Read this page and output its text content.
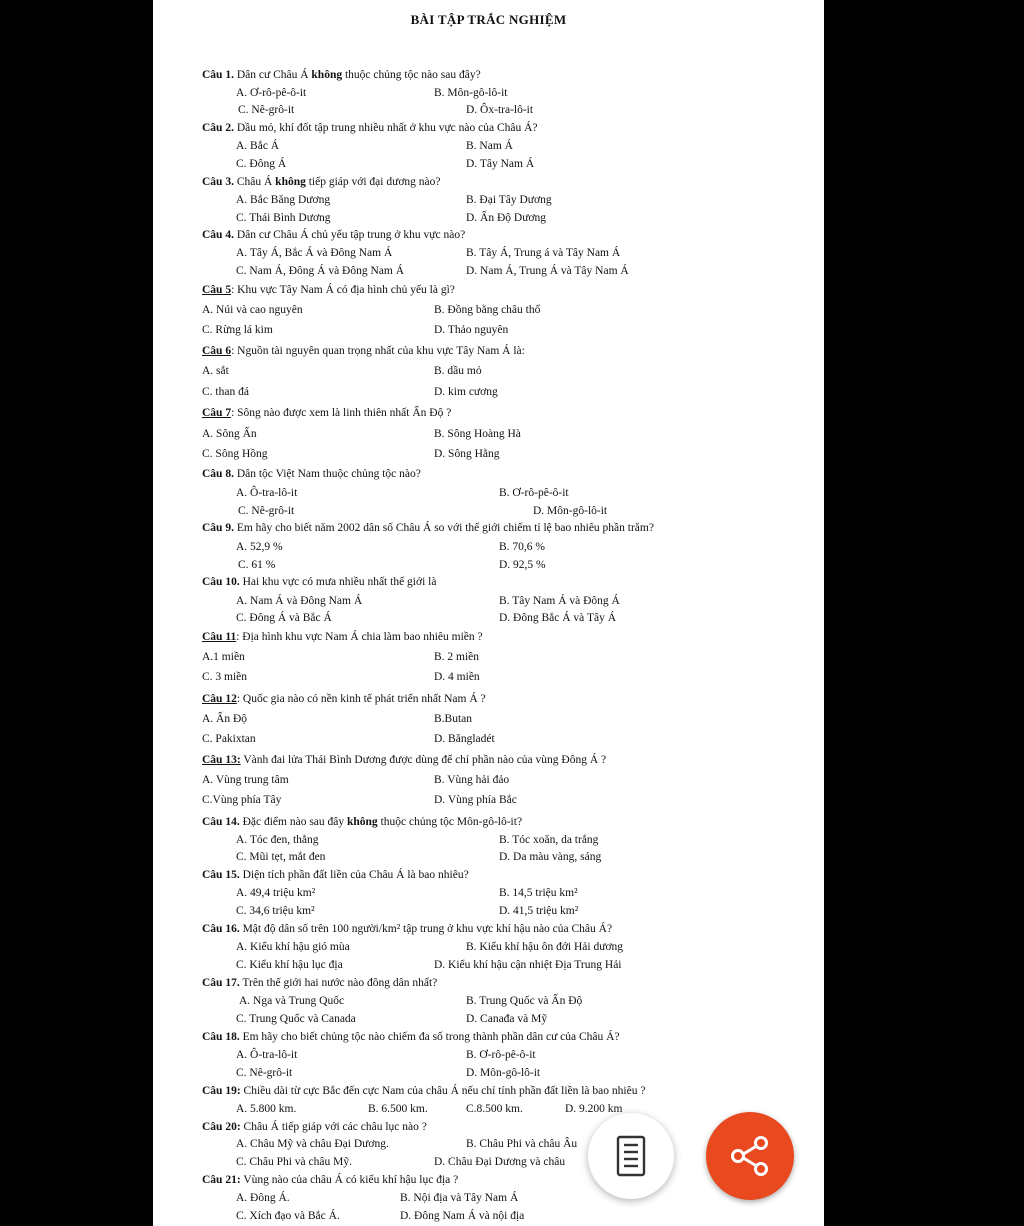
BÀI TẬP TRẮC NGHIỆM
Câu 1. Dân cư Châu Á không thuộc chủng tộc nào sau đây?
A. Ơ-rô-pê-ô-it	B. Môn-gô-lô-it
C. Nê-grô-it	D. Ôx-tra-lô-it
Câu 2. Dầu mỏ, khí đốt tập trung nhiều nhất ở khu vực nào của Châu Á?
A. Bắc Á	B. Nam Á
C. Đông Á	D. Tây Nam Á
Câu 3. Châu Á không tiếp giáp với đại dương nào?
A. Bắc Băng Dương	B. Đại Tây Dương
C. Thái Bình Dương	D. Ấn Độ Dương
Câu 4. Dân cư Châu Á chủ yếu tập trung ở khu vực nào?
A. Tây Á, Bắc Á và Đông Nam Á	B. Tây Á, Trung á và Tây Nam Á
C. Nam Á, Đông Á và Đông Nam Á	D. Nam Á, Trung Á và Tây Nam Á
Câu 5: Khu vực Tây Nam Á có địa hình chủ yếu là gì?
A. Núi và cao nguyên	B. Đồng bằng châu thổ
C. Rừng lá kim	D. Thảo nguyên
Câu 6: Nguồn tài nguyên quan trọng nhất của khu vực Tây Nam Á là:
A. sắt	B. dầu mỏ
C. than đá	D. kim cương
Câu 7: Sông nào được xem là linh thiên nhất Ấn Độ ?
A. Sông Ấn	B. Sông Hoàng Hà
C. Sông Hồng	D. Sông Hằng
Câu 8. Dân tộc Việt Nam thuộc chủng tộc nào?
A. Ô-tra-lô-it	B. Ơ-rô-pê-ô-it
C. Nê-grô-it	D. Môn-gô-lô-it
Câu 9. Em hãy cho biết năm 2002 dân số Châu Á so với thế giới chiếm tỉ lệ bao nhiêu phần trăm?
A. 52,9 %	B. 70,6 %
C. 61 %	D. 92,5 %
Câu 10. Hai khu vực có mưa nhiều nhất thế giới là
A. Nam Á và Đông Nam Á	B. Tây Nam Á và Đông Á
C. Đông Á và Bắc Á	D. Đông Bắc Á và Tây Á
Câu 11: Địa hình khu vực Nam Á chia làm bao nhiêu miền ?
A.1 miền	B. 2 miền
C. 3 miền	D. 4 miền
Câu 12: Quốc gia nào có nền kinh tế phát triển nhất Nam Á ?
A. Ấn Độ	B.Butan
C. Pakixtan	D. Băngladét
Câu 13: Vành đai lửa Thái Bình Dương được dùng để chỉ phần nào của vùng Đông Á ?
A. Vùng trung tâm	B. Vùng hải đảo
C.Vùng phía Tây	D. Vùng phía Bắc
Câu 14. Đặc điểm nào sau đây không thuộc chủng tộc Môn-gô-lô-it?
A. Tóc đen, thẳng	B. Tóc xoăn, da trắng
C. Mũi tẹt, mắt đen	D. Da màu vàng, sáng
Câu 15. Diện tích phần đất liền của Châu Á là bao nhiêu?
A. 49,4 triệu km²	B. 14,5 triệu km²
C. 34,6 triệu km²	D. 41,5 triệu km²
Câu 16. Mật độ dân số trên 100 người/km² tập trung ở khu vực khí hậu nào của Châu Á?
A. Kiểu khí hậu gió mùa	B. Kiểu khí hậu ôn đới Hải dương
C. Kiểu khí hậu lục địa	D. Kiểu khí hậu cận nhiệt Địa Trung Hải
Câu 17. Trên thế giới hai nước nào đông dân nhất?
A. Nga và Trung Quốc	B. Trung Quốc và Ấn Độ
C. Trung Quốc và Canada	D. Canađa và Mỹ
Câu 18. Em hãy cho biết chủng tộc nào chiếm đa số trong thành phần dân cư của Châu Á?
A. Ô-tra-lô-it	B. Ơ-rô-pê-ô-it
C. Nê-grô-it	D. Môn-gô-lô-it
Câu 19: Chiều dài từ cực Bắc đến cực Nam của châu Á nếu chỉ tính phần đất liền là bao nhiêu ?
A. 5.800 km.	B. 6.500 km.	C.8.500 km.	D. 9.200 km
Câu 20: Châu Á tiếp giáp với các châu lục nào ?
A. Châu Mỹ và châu Đại Dương.	B. Châu Phi và châu Âu
C. Châu Phi và châu Mỹ.	D. Châu Đại Dương và châu
Câu 21: Vùng nào của châu Á có kiểu khí hậu lục địa ?
A. Đông Á.	B. Nội địa và Tây Nam Á
C. Xích đạo và Bắc Á.	D. Đông Nam Á và nội địa
